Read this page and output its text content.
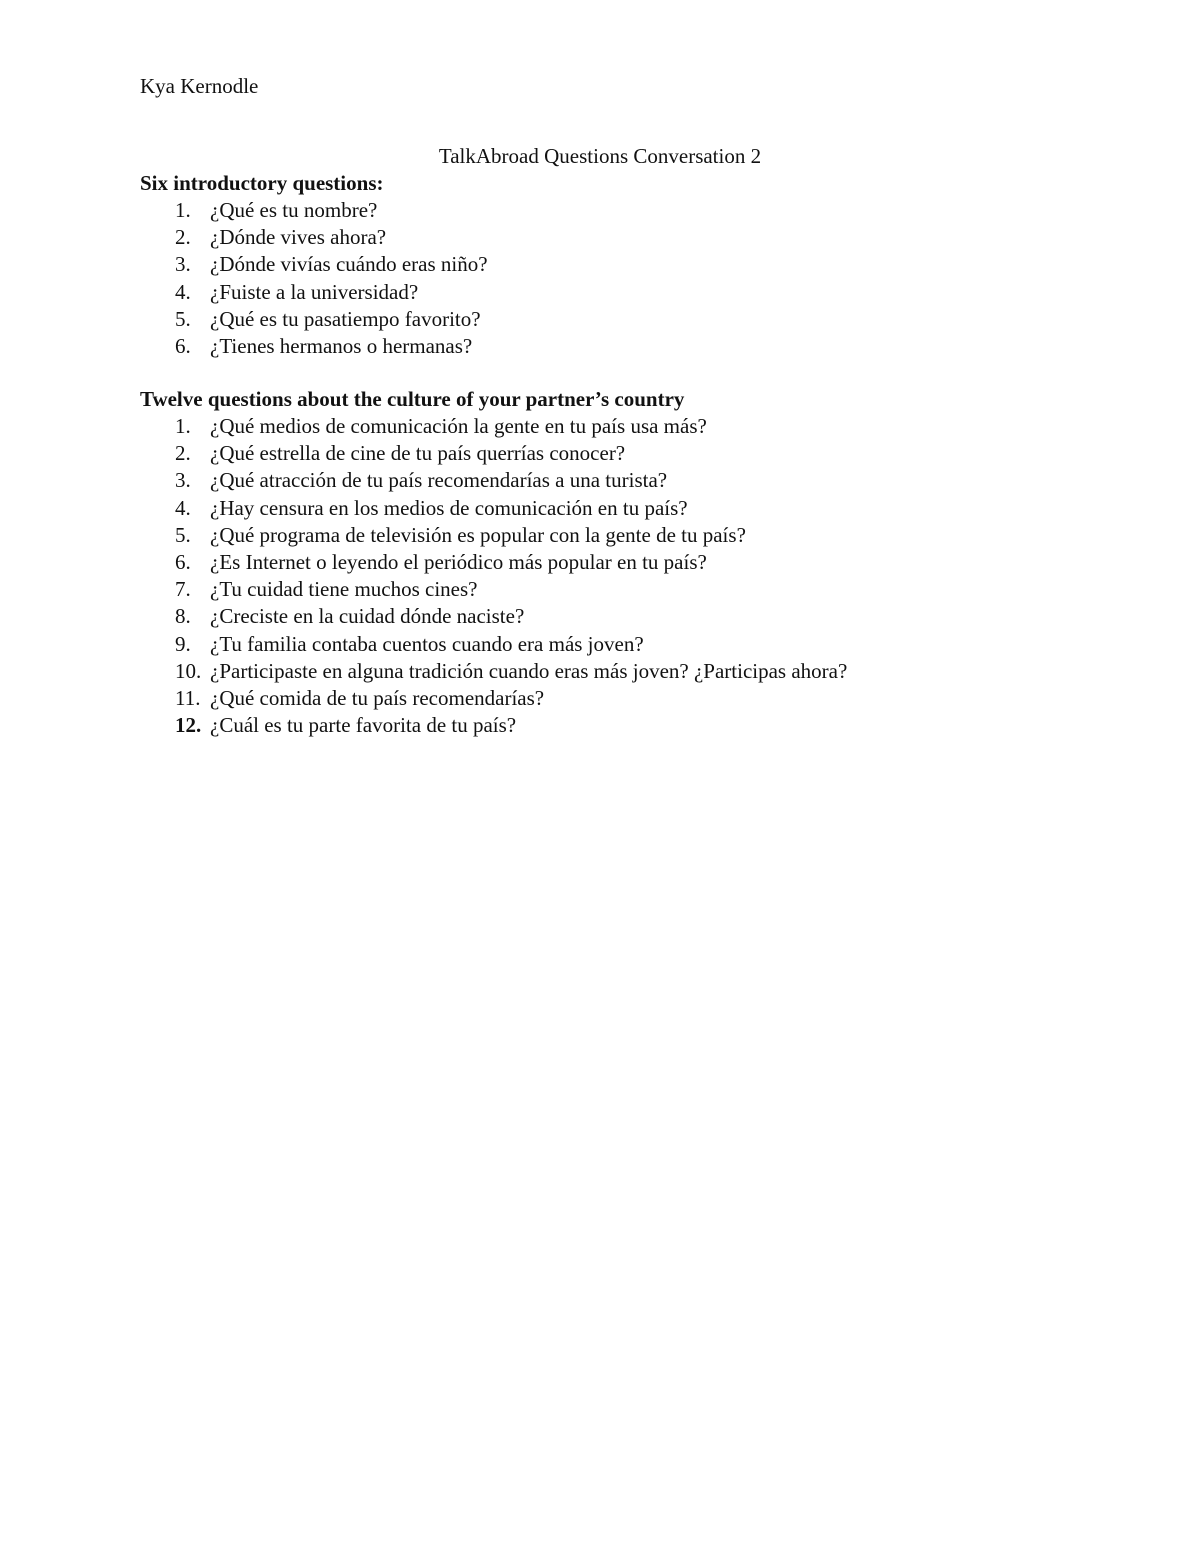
Kya Kernodle
TalkAbroad Questions Conversation 2
Six introductory questions:
1. ¿Qué es tu nombre?
2. ¿Dónde vives ahora?
3. ¿Dónde vivías cuándo eras niño?
4. ¿Fuiste a la universidad?
5. ¿Qué es tu pasatiempo favorito?
6. ¿Tienes hermanos o hermanas?
Twelve questions about the culture of your partner’s country
1. ¿Qué medios de comunicación la gente en tu país usa más?
2. ¿Qué estrella de cine de tu país querrías conocer?
3. ¿Qué atracción de tu país recomendarías a una turista?
4. ¿Hay censura en los medios de comunicación en tu país?
5. ¿Qué programa de televisión es popular con la gente de tu país?
6. ¿Es Internet o leyendo el periódico más popular en tu país?
7. ¿Tu cuidad tiene muchos cines?
8. ¿Creciste en la cuidad dónde naciste?
9. ¿Tu familia contaba cuentos cuando era más joven?
10. ¿Participaste en alguna tradición cuando eras más joven? ¿Participas ahora?
11. ¿Qué comida de tu país recomendarías?
12. ¿Cuál es tu parte favorita de tu país?
